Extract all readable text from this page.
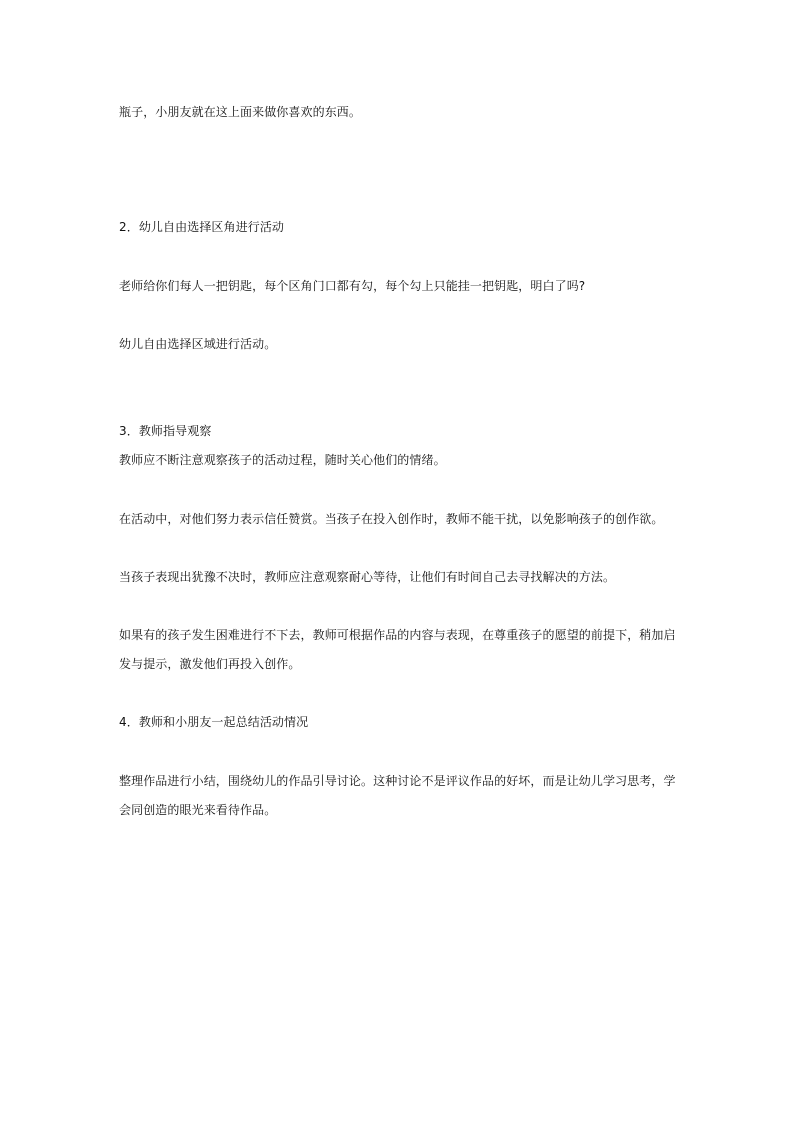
瓶子，小朋友就在这上面来做你喜欢的东西。
2．幼儿自由选择区角进行活动
老师给你们每人一把钥匙，每个区角门口都有勾，每个勾上只能挂一把钥匙，明白了吗?
幼儿自由选择区域进行活动。
3．教师指导观察
教师应不断注意观察孩子的活动过程，随时关心他们的情绪。
在活动中，对他们努力表示信任赞赏。当孩子在投入创作时，教师不能干扰，以免影响孩子的创作欲。
当孩子表现出犹豫不决时，教师应注意观察耐心等待，让他们有时间自己去寻找解决的方法。
如果有的孩子发生困难进行不下去，教师可根据作品的内容与表现，在尊重孩子的愿望的前提下，稍加启
发与提示，激发他们再投入创作。
4．教师和小朋友一起总结活动情况
整理作品进行小结，围绕幼儿的作品引导讨论。这种讨论不是评议作品的好坏，而是让幼儿学习思考，学
会同创造的眼光来看待作品。
